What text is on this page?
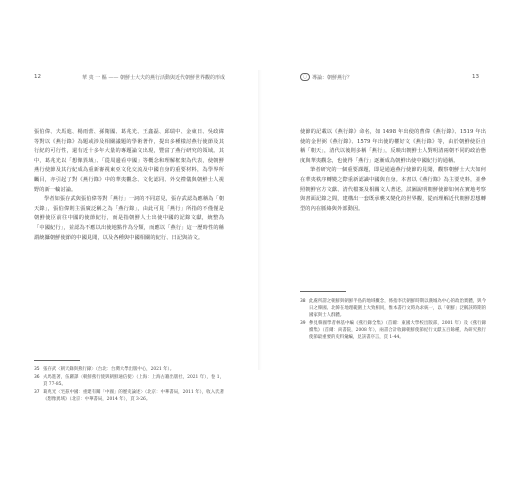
12	華 夷 一 樞 —— 朝鮮士大夫的燕行活動與近代朝鮮世界觀的形成

張伯偉、夫馬進、楊雨蕾、孫衛國、葛兆光、王鑫磊、邱瑞中、金東日、吳政緯等對以《燕行錄》為題或涉及相關議題的學術著作，提出多種樣討燕行使節及其行紀的可行性，還有近十多年大量的專題論文出現，豐富了燕行研究的領域。其中，葛兆光以「想像異域」、「從周邊看中國」等概念和理解框架為代表，使朝鮮燕行使節及其行紀成為重新審視東亞文化交流及中國自身的重要材料，為學界所矚目，亦引起了對《燕行錄》中的華夷觀念、文化認同、外交禮儀與朝鮮士人視野的新一輪討論。

學者如張存武與張伯偉等對「燕行」一詞的不同意見，張存武認為應稱為「朝天錄」，張伯偉則主張廣泛稱之為「燕行錄」，由此可見「燕行」所指的不僅僅是朝鮮使臣前往中國的使節紀行，而是指朝鮮人士出使中國的記錄文獻，統整為「中國紀行」，並認為不應以出使地點作為分類，而應以「燕行」這一歷時性的稱謂統攝朝鮮使節的中國見聞，以及各種與中國相關的紀行、日記與詩文。

35 張存武〈朝天錄與燕行錄〉（台北：台灣大學出版中心，2021 年）。
36 夫馬進著，伍躍譯〈朝鮮燕行使與朝鮮通信使〉（上海：上海古籍出版社，2021 年），卷 1，頁 77-85。
37 葛兆光〈宅茲中國：重建有關「中國」的歷史論述〉（北京：中華書局，2011 年），收入氏著《想像異域》（北京：中華書局，2014 年），頁 3-26。
〇	導論：朝鮮燕行？	13

使節的記載以《燕行錄》命名，如 1498 年出使的曹偉《燕行錄》、1519 年出使的金世弼《燕行錄》、1579 年出使的權好文《燕行錄》等，由於朝鮮使臣自稱「朝天」，清代以後則多稱「燕行」，反映出朝鮮士人對明清兩朝不同的政治態度與華夷觀念，也使得「燕行」逐漸成為朝鮮出使中國紀行的通稱。

筆者研究的一個重要課題，即是通過燕行使節的見聞，觀察朝鮮士大夫如何在華夷秩序轉變之際重新認識中國與自身。本書以《燕行錄》為主要史料，並參照朝鮮官方文獻、清代檔案及相關文人著述，試圖說明朝鮮使節如何在實地考察與書面記錄之間，建構出一套既承襲又變化的世界觀，從而理解近代朝鮮思想轉型的內在脈絡與外部動因。

38 此處所謂之朝鮮與朝鮮半島的地域概念，係指李氏朝鮮時期以漢城為中心的政治實體，與今日之韓國、北韓在地理範圍上大致相同，惟本書行文時為求統一，以「朝鮮」泛稱該時期的國家與士人群體。
39 參見韓國學者林基中編《燕行錄全集》（首爾：東國大學校出版部，2001 年）及《燕行錄續集》（首爾：尚書院，2008 年），兩書合計收錄朝鮮使節紀行文獻五百餘種，為研究燕行使節最重要的史料彙編，見該書序言，頁 1-44。
